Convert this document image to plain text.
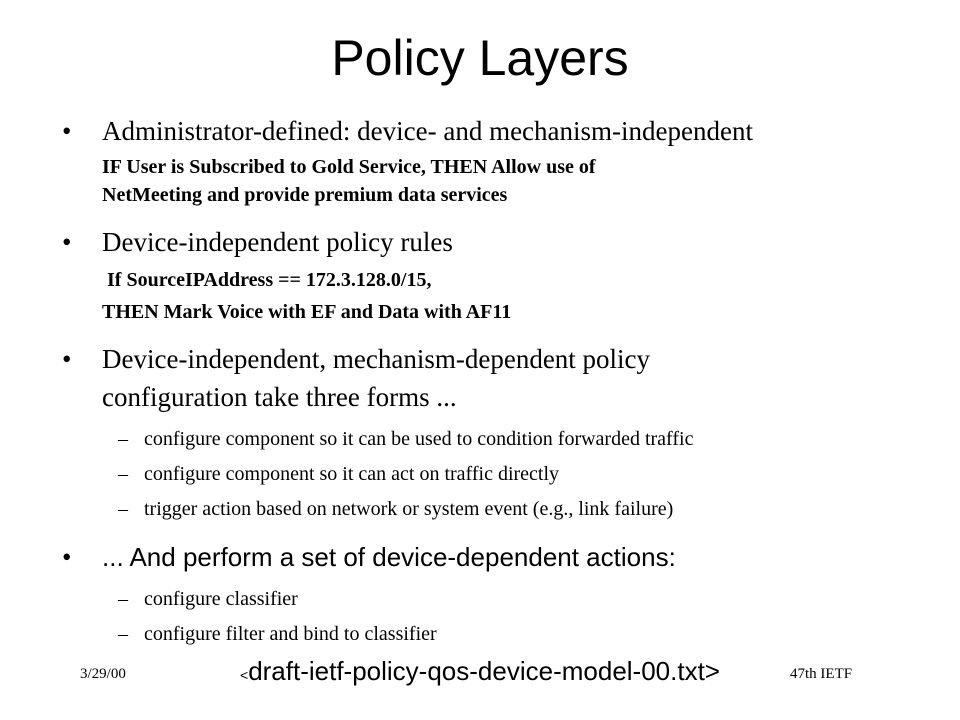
Policy Layers
• Administrator-defined: device- and mechanism-independent
IF User is Subscribed to Gold Service, THEN Allow use of
NetMeeting and provide premium data services
• Device-independent policy rules
If SourceIPAddress == 172.3.128.0/15,
THEN Mark Voice with EF and Data with AF11
• Device-independent, mechanism-dependent policy
configuration take three forms ...
– configure component so it can be used to condition forwarded traffic
– configure component so it can act on traffic directly
– trigger action based on network or system event (e.g., link failure)
• ... And perform a set of device-dependent actions:
– configure classifier
– configure filter and bind to classifier
3/29/00	<draft-ietf-policy-qos-device-model-00.txt>	47th IETF
